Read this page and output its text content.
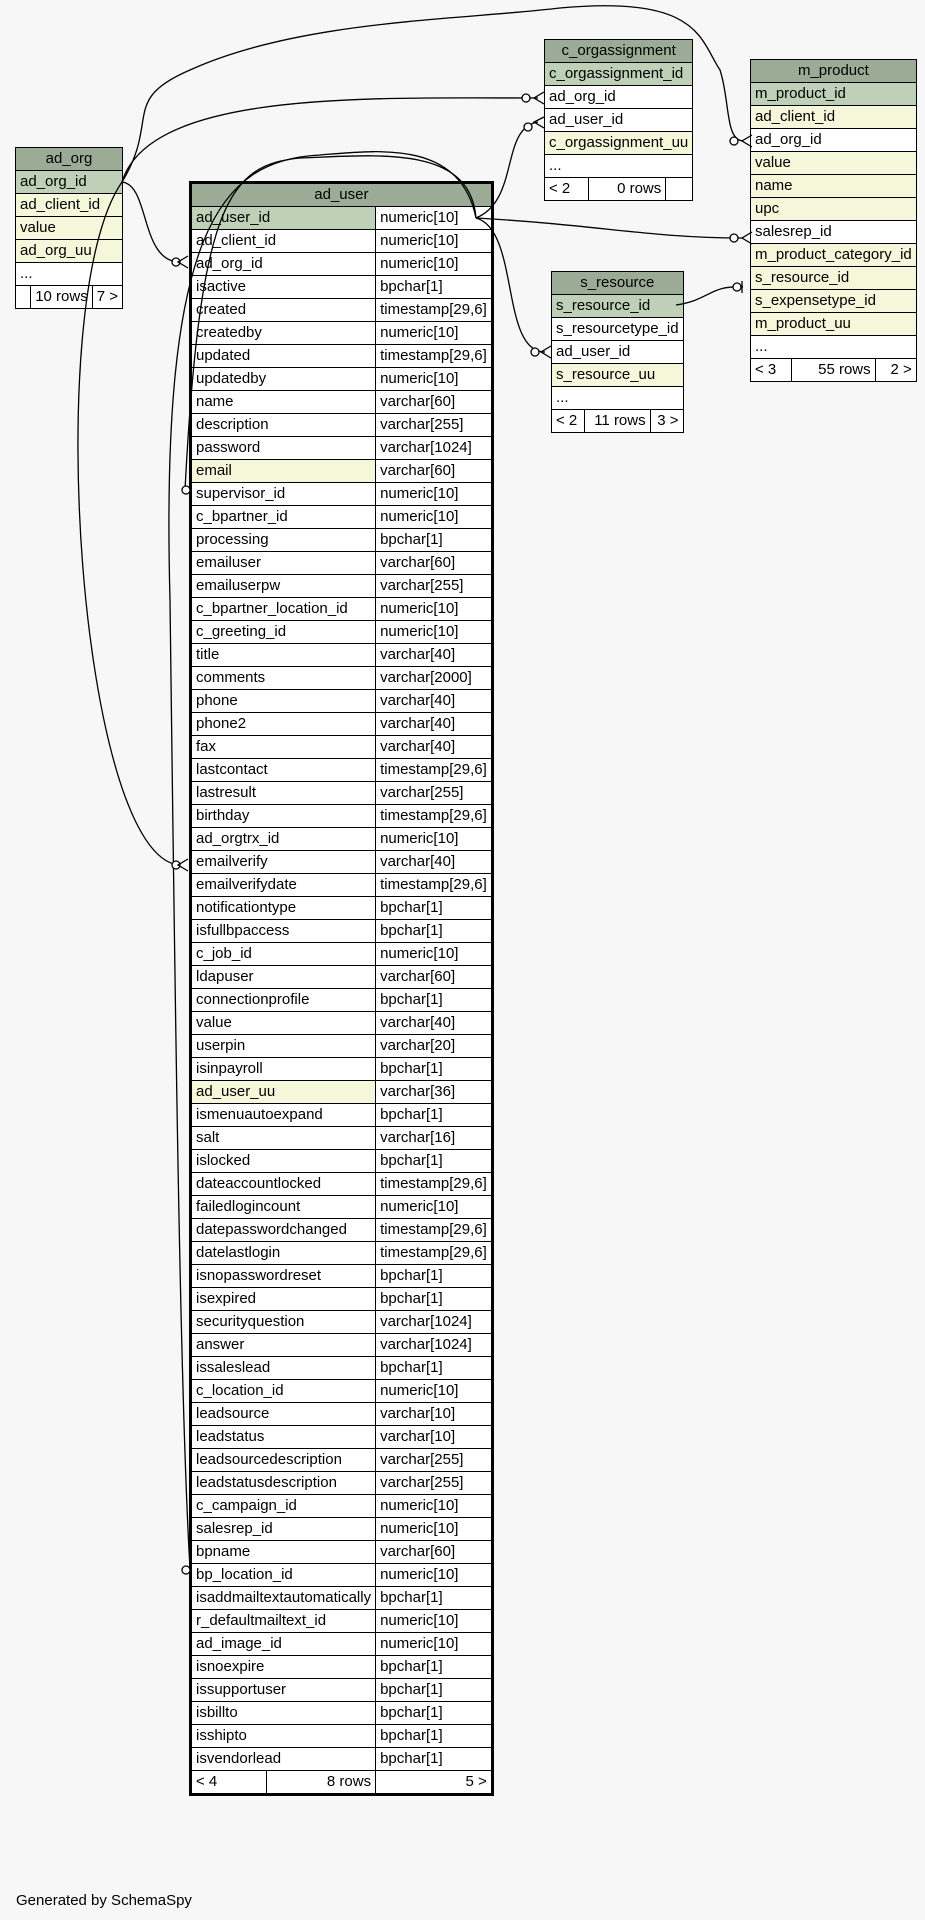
ad_org
ad_org_id
ad_client_id
value
ad_org_uu
...
	10 rows	7 >
ad_user		
ad_user_id		numeric[10]
ad_client_id		numeric[10]
ad_org_id		numeric[10]
isactive		bpchar[1]
created		timestamp[29,6]
createdby		numeric[10]
updated		timestamp[29,6]
updatedby		numeric[10]
name		varchar[60]
description		varchar[255]
password		varchar[1024]
email		varchar[60]
supervisor_id		numeric[10]
c_bpartner_id		numeric[10]
processing		bpchar[1]
emailuser		varchar[60]
emailuserpw		varchar[255]
c_bpartner_location_id		numeric[10]
c_greeting_id		numeric[10]
title		varchar[40]
comments		varchar[2000]
phone		varchar[40]
phone2		varchar[40]
fax		varchar[40]
lastcontact		timestamp[29,6]
lastresult		varchar[255]
birthday		timestamp[29,6]
ad_orgtrx_id		numeric[10]
emailverify		varchar[40]
emailverifydate		timestamp[29,6]
notificationtype		bpchar[1]
isfullbpaccess		bpchar[1]
c_job_id		numeric[10]
ldapuser		varchar[60]
connectionprofile		bpchar[1]
value		varchar[40]
userpin		varchar[20]
isinpayroll		bpchar[1]
ad_user_uu		varchar[36]
ismenuautoexpand		bpchar[1]
salt		varchar[16]
islocked		bpchar[1]
dateaccountlocked		timestamp[29,6]
failedlogincount		numeric[10]
datepasswordchanged		timestamp[29,6]
datelastlogin		timestamp[29,6]
isnopasswordreset		bpchar[1]
isexpired		bpchar[1]
securityquestion		varchar[1024]
answer		varchar[1024]
issaleslead		bpchar[1]
c_location_id		numeric[10]
leadsource		varchar[10]
leadstatus		varchar[10]
leadsourcedescription		varchar[255]
leadstatusdescription		varchar[255]
c_campaign_id		numeric[10]
salesrep_id		numeric[10]
bpname		varchar[60]
bp_location_id		numeric[10]
isaddmailtextautomatically		bpchar[1]
r_defaultmailtext_id		numeric[10]
ad_image_id		numeric[10]
isnoexpire		bpchar[1]
issupportuser		bpchar[1]
isbillto		bpchar[1]
isshipto		bpchar[1]
isvendorlead		bpchar[1]
< 4	8 rows	5 >
c_orgassignment
c_orgassignment_id
ad_org_id
ad_user_id
c_orgassignment_uu
...
< 2	0 rows	
s_resource
s_resource_id
s_resourcetype_id
ad_user_id
s_resource_uu
...
< 2	11 rows	3 >
m_product
m_product_id
ad_client_id
ad_org_id
value
name
upc
salesrep_id
m_product_category_id
s_resource_id
s_expensetype_id
m_product_uu
...
< 3	55 rows	2 >
Generated by SchemaSpy
